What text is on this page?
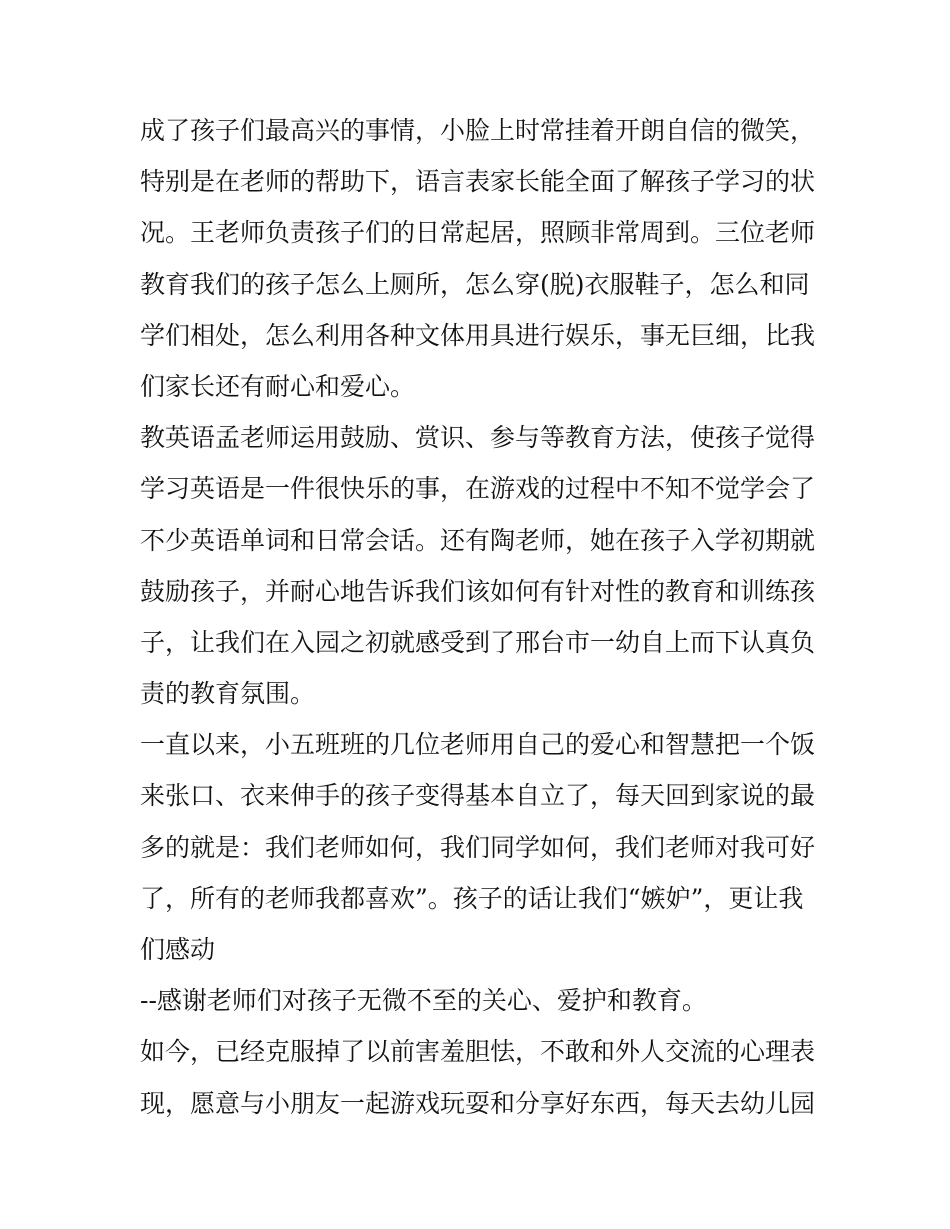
成了孩子们最高兴的事情，小脸上时常挂着开朗自信的微笑，
特别是在老师的帮助下，语言表家长能全面了解孩子学习的状
况。王老师负责孩子们的日常起居，照顾非常周到。三位老师
教育我们的孩子怎么上厕所，怎么穿(脱)衣服鞋子，怎么和同
学们相处，怎么利用各种文体用具进行娱乐，事无巨细，比我
们家长还有耐心和爱心。
教英语孟老师运用鼓励、赏识、参与等教育方法，使孩子觉得
学习英语是一件很快乐的事，在游戏的过程中不知不觉学会了
不少英语单词和日常会话。还有陶老师，她在孩子入学初期就
鼓励孩子，并耐心地告诉我们该如何有针对性的教育和训练孩
子，让我们在入园之初就感受到了邢台市一幼自上而下认真负
责的教育氛围。
一直以来，小五班班的几位老师用自己的爱心和智慧把一个饭
来张口、衣来伸手的孩子变得基本自立了，每天回到家说的最
多的就是：我们老师如何，我们同学如何，我们老师对我可好
了，所有的老师我都喜欢”。孩子的话让我们“嫉妒”，更让我
们感动
--感谢老师们对孩子无微不至的关心、爱护和教育。
如今，已经克服掉了以前害羞胆怯，不敢和外人交流的心理表
现，愿意与小朋友一起游戏玩耍和分享好东西，每天去幼儿园
